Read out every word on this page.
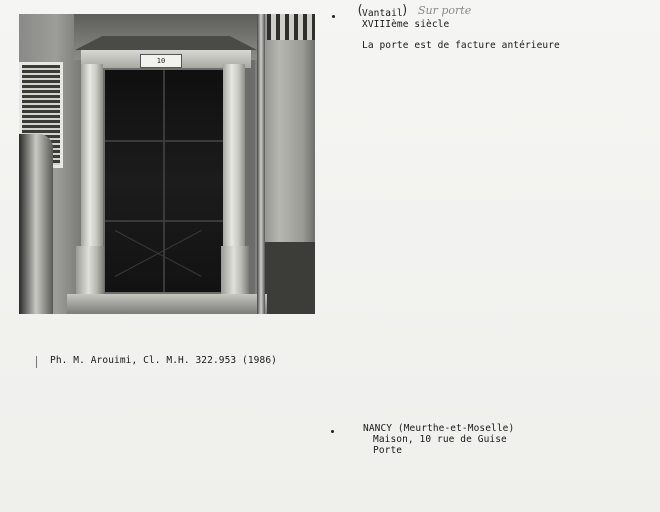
10
(
Vantail
) Sur porte
XVIIIème siècle
La porte est de facture antérieure
Ph. M. Arouimi, Cl. M.H. 322.953 (1986)
NANCY (Meurthe-et-Moselle)
Maison, 10 rue de Guise
Porte
